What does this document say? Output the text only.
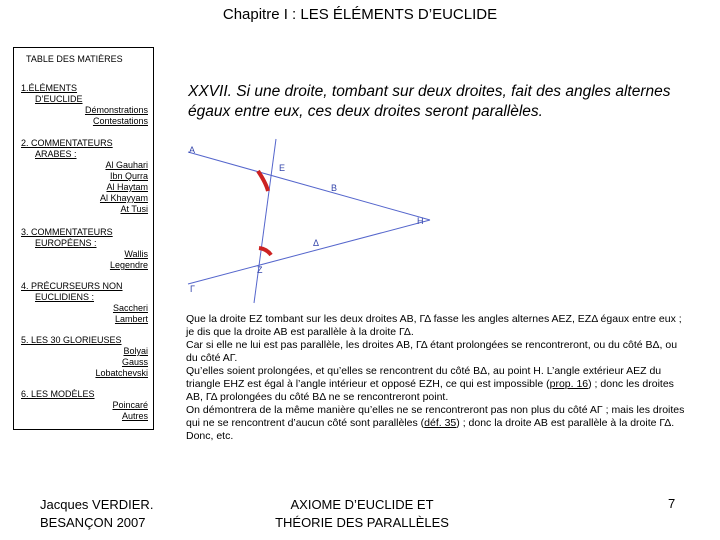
Chapitre I : LES ÉLÉMENTS D’EUCLIDE
TABLE DES MATIÈRES
1.ÉLÉMENTS
D’EUCLIDE
Démonstrations
Contestations
2. COMMENTATEURS
ARABES :
Al Gauhari
Ibn Qurra
Al Haytam
Al Khayyam
At Tusi
3. COMMENTATEURS
EUROPÉENS :
Wallis
Legendre
4. PRÉCURSEURS NON
EUCLIDIENS :
Saccheri
Lambert
5. LES 30 GLORIEUSES
Bolyai
Gauss
Lobatchevski
6. LES MODÈLES
Poincaré
Autres
XXVII. Si une droite, tombant sur deux droites, fait des angles alternes égaux entre eux, ces deux droites seront parallèles.
A
E
B
H
Γ
Δ
Z
Que la droite EZ tombant sur les deux droites AB, ΓΔ fasse les angles alternes AEZ, EZΔ égaux entre eux ; je dis que la droite AB est parallèle à la droite ΓΔ.
Car si elle ne lui est pas parallèle, les droites AB, ΓΔ étant prolongées se rencontreront, ou du côté BΔ, ou du côté AΓ.
Qu’elles soient prolongées, et qu’elles se rencontrent du côté BΔ, au point H. L’angle extérieur AEZ du triangle EHZ est égal à l’angle intérieur et opposé EZH, ce qui est impossible (prop. 16) ; donc les droites AB, ΓΔ prolongées du côté BΔ ne se rencontreront point.
On démontrera de la même manière qu’elles ne se rencontreront pas non plus du côté AΓ ; mais les droites qui ne se rencontrent d’aucun côté sont parallèles (déf. 35) ; donc la droite AB est parallèle à la droite ΓΔ.
Donc, etc.
Jacques VERDIER.
BESANÇON 2007
AXIOME D’EUCLIDE ET
THÉORIE DES PARALLÈLES
7
